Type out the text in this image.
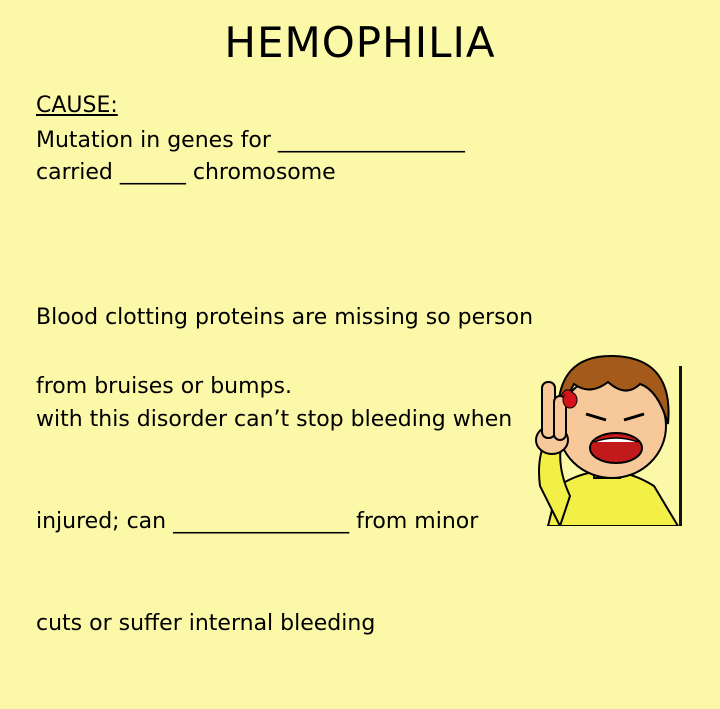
HEMOPHILIA
CAUSE:
Mutation in genes for _________________
carried ______ chromosome

Blood clotting proteins are missing so person

with this disorder can’t stop bleeding when

injured; can ________________ from minor

cuts or suffer internal bleeding

from bruises or bumps.
